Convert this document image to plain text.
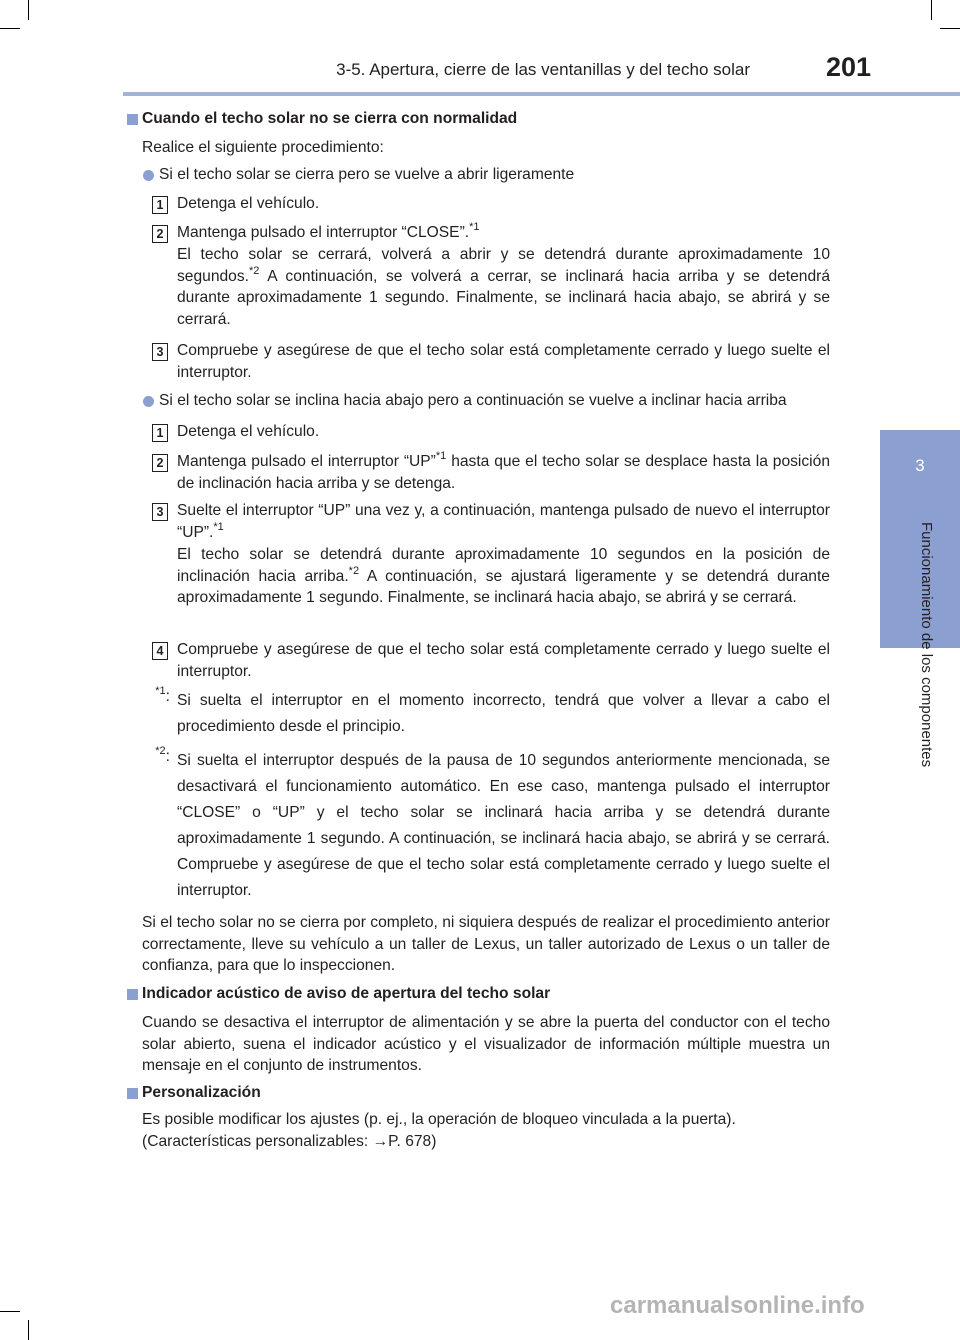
3-5. Apertura, cierre de las ventanillas y del techo solar	201
3
Funcionamiento de los componentes
Cuando el techo solar no se cierra con normalidad
Realice el siguiente procedimiento:
Si el techo solar se cierra pero se vuelve a abrir ligeramente
1 Detenga el vehículo.
2 Mantenga pulsado el interruptor “CLOSE”.$^{*1}$
El techo solar se cerrará, volverá a abrir y se detendrá durante aproximadamente 10 segundos.$^{*2}$ A continuación, se volverá a cerrar, se inclinará hacia arriba y se detendrá durante aproximadamente 1 segundo. Finalmente, se inclinará hacia abajo, se abrirá y se cerrará.
3 Compruebe y asegúrese de que el techo solar está completamente cerrado y luego suelte el interruptor.
Si el techo solar se inclina hacia abajo pero a continuación se vuelve a inclinar hacia arriba
1 Detenga el vehículo.
2 Mantenga pulsado el interruptor “UP”$^{*1}$ hasta que el techo solar se desplace hasta la posición de inclinación hacia arriba y se detenga.
3 Suelte el interruptor “UP” una vez y, a continuación, mantenga pulsado de nuevo el interruptor “UP”.$^{*1}$
El techo solar se detendrá durante aproximadamente 10 segundos en la posición de inclinación hacia arriba.$^{*2}$ A continuación, se ajustará ligeramente y se detendrá durante aproximadamente 1 segundo. Finalmente, se inclinará hacia abajo, se abrirá y se cerrará.
4 Compruebe y asegúrese de que el techo solar está completamente cerrado y luego suelte el interruptor.
$^{*1}$: Si suelta el interruptor en el momento incorrecto, tendrá que volver a llevar a cabo el procedimiento desde el principio.
$^{*2}$: Si suelta el interruptor después de la pausa de 10 segundos anteriormente mencionada, se desactivará el funcionamiento automático. En ese caso, mantenga pulsado el interruptor “CLOSE” o “UP” y el techo solar se inclinará hacia arriba y se detendrá durante aproximadamente 1 segundo. A continuación, se inclinará hacia abajo, se abrirá y se cerrará. Compruebe y asegúrese de que el techo solar está completamente cerrado y luego suelte el interruptor.
Si el techo solar no se cierra por completo, ni siquiera después de realizar el procedimiento anterior correctamente, lleve su vehículo a un taller de Lexus, un taller autorizado de Lexus o un taller de confianza, para que lo inspeccionen.
Indicador acústico de aviso de apertura del techo solar
Cuando se desactiva el interruptor de alimentación y se abre la puerta del conductor con el techo solar abierto, suena el indicador acústico y el visualizador de información múltiple muestra un mensaje en el conjunto de instrumentos.
Personalización
Es posible modificar los ajustes (p. ej., la operación de bloqueo vinculada a la puerta).
(Características personalizables: →P. 678)
carmanualsonline.info
